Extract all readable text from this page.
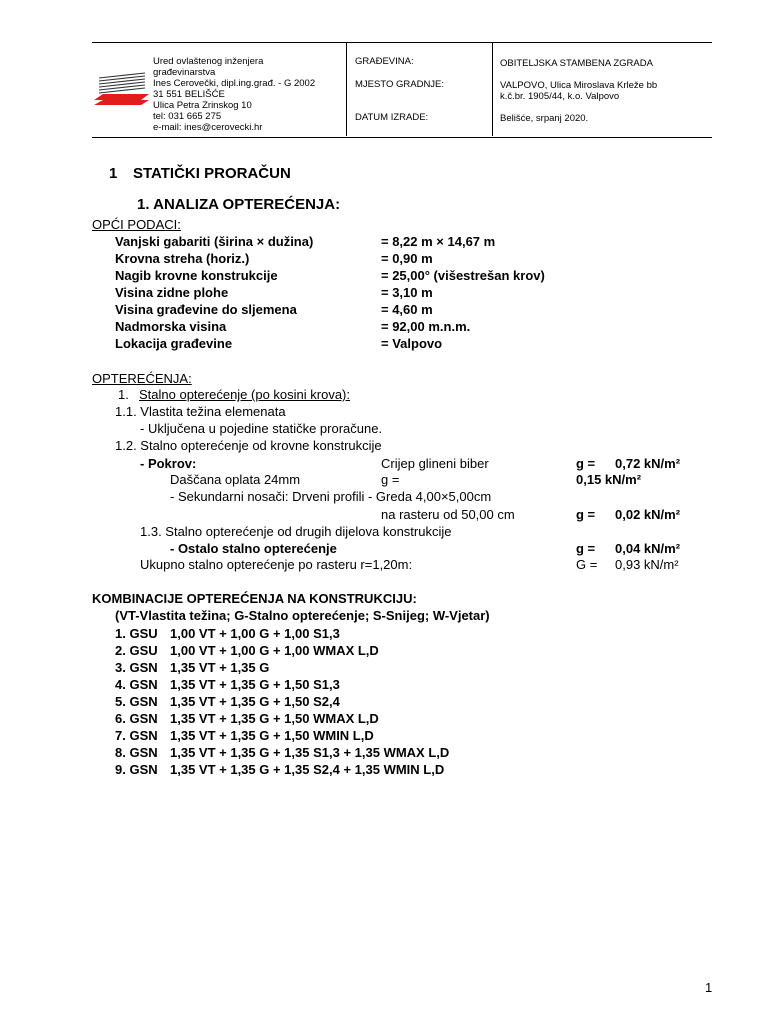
Ured ovlaštenog inženjera
građevinarstva
Ines Cerovečki, dipl.ing.građ. - G 2002
31 551 BELIŠĆE
Ulica Petra Zrinskog 10
tel: 031 665 275
e-mail: ines@cerovecki.hr
GRAĐEVINA:
MJESTO GRADNJE:
DATUM IZRADE:
OBITELJSKA STAMBENA ZGRADA
VALPOVO, Ulica Miroslava Krleže bb
k.č.br. 1905/44, k.o. Valpovo
Belišće, srpanj 2020.
1 STATIČKI PRORAČUN
1. ANALIZA OPTEREĆENJA:
OPĆI PODACI:
Vanjski gabariti (širina × dužina)	= 8,22 m × 14,67 m
Krovna streha (horiz.)	= 0,90 m
Nagib krovne konstrukcije	= 25,00° (višestrešan krov)
Visina zidne plohe	= 3,10 m
Visina građevine do sljemena	= 4,60 m
Nadmorska visina	= 92,00 m.n.m.
Lokacija građevine	= Valpovo
OPTEREĆENJA:
1. Stalno opterećenje (po kosini krova):
1.1. Vlastita težina elemenata
- Uključena u pojedine statičke proračune.
1.2. Stalno opterećenje od krovne konstrukcije
- Pokrov:	Crijep glineni biber	g = 0,72 kN/m²
Daščana oplata 24mm	g =	0,15 kN/m²
- Sekundarni nosači: Drveni profili - Greda 4,00×5,00cm
na rasteru od 50,00 cm	g = 0,02 kN/m²
1.3. Stalno opterećenje od drugih dijelova konstrukcije
- Ostalo stalno opterećenje	g = 0,04 kN/m²
Ukupno stalno opterećenje po rasteru r=1,20m:	G = 0,93 kN/m²
KOMBINACIJE OPTEREĆENJA NA KONSTRUKCIJU:
(VT-Vlastita težina; G-Stalno opterećenje; S-Snijeg; W-Vjetar)
1. GSU 1,00 VT + 1,00 G + 1,00 S1,3
2. GSU 1,00 VT + 1,00 G + 1,00 WMAX L,D
3. GSN 1,35 VT + 1,35 G
4. GSN 1,35 VT + 1,35 G + 1,50 S1,3
5. GSN 1,35 VT + 1,35 G + 1,50 S2,4
6. GSN 1,35 VT + 1,35 G + 1,50 WMAX L,D
7. GSN 1,35 VT + 1,35 G + 1,50 WMIN L,D
8. GSN 1,35 VT + 1,35 G + 1,35 S1,3 + 1,35 WMAX L,D
9. GSN 1,35 VT + 1,35 G + 1,35 S2,4 + 1,35 WMIN L,D
1
